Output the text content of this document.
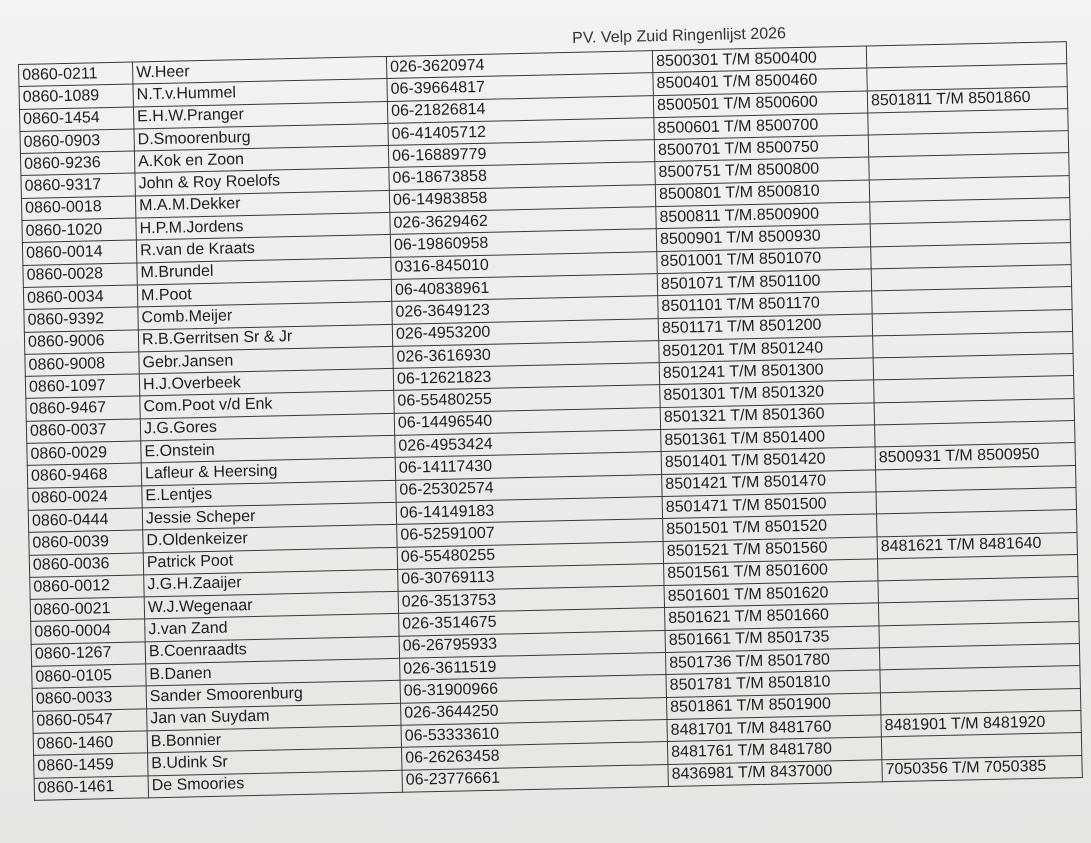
PV. Velp Zuid Ringenlijst 2026
0860-0211	W.Heer	026-3620974	8500301 T/M 8500400	
0860-1089	N.T.v.Hummel	06-39664817	8500401 T/M 8500460	
0860-1454	E.H.W.Pranger	06-21826814	8500501 T/M 8500600	8501811 T/M 8501860
0860-0903	D.Smoorenburg	06-41405712	8500601 T/M 8500700	
0860-9236	A.Kok en Zoon	06-16889779	8500701 T/M 8500750	
0860-9317	John & Roy Roelofs	06-18673858	8500751 T/M 8500800	
0860-0018	M.A.M.Dekker	06-14983858	8500801 T/M 8500810	
0860-1020	H.P.M.Jordens	026-3629462	8500811 T/M.8500900	
0860-0014	R.van de Kraats	06-19860958	8500901 T/M 8500930	
0860-0028	M.Brundel	0316-845010	8501001 T/M 8501070	
0860-0034	M.Poot	06-40838961	8501071 T/M 8501100	
0860-9392	Comb.Meijer	026-3649123	8501101 T/M 8501170	
0860-9006	R.B.Gerritsen Sr & Jr	026-4953200	8501171 T/M 8501200	
0860-9008	Gebr.Jansen	026-3616930	8501201 T/M 8501240	
0860-1097	H.J.Overbeek	06-12621823	8501241 T/M 8501300	
0860-9467	Com.Poot v/d Enk	06-55480255	8501301 T/M 8501320	
0860-0037	J.G.Gores	06-14496540	8501321 T/M 8501360	
0860-0029	E.Onstein	026-4953424	8501361 T/M 8501400	
0860-9468	Lafleur & Heersing	06-14117430	8501401 T/M 8501420	8500931 T/M 8500950
0860-0024	E.Lentjes	06-25302574	8501421 T/M 8501470	
0860-0444	Jessie Scheper	06-14149183	8501471 T/M 8501500	
0860-0039	D.Oldenkeizer	06-52591007	8501501 T/M 8501520	
0860-0036	Patrick Poot	06-55480255	8501521 T/M 8501560	8481621 T/M 8481640
0860-0012	J.G.H.Zaaijer	06-30769113	8501561 T/M 8501600	
0860-0021	W.J.Wegenaar	026-3513753	8501601 T/M 8501620	
0860-0004	J.van Zand	026-3514675	8501621 T/M 8501660	
0860-1267	B.Coenraadts	06-26795933	8501661 T/M 8501735	
0860-0105	B.Danen	026-3611519	8501736 T/M 8501780	
0860-0033	Sander Smoorenburg	06-31900966	8501781 T/M 8501810	
0860-0547	Jan van Suydam	026-3644250	8501861 T/M 8501900	
0860-1460	B.Bonnier	06-53333610	8481701 T/M 8481760	8481901 T/M 8481920
0860-1459	B.Udink Sr	06-26263458	8481761 T/M 8481780	
0860-1461	De Smoories	06-23776661	8436981 T/M 8437000	7050356 T/M 7050385
